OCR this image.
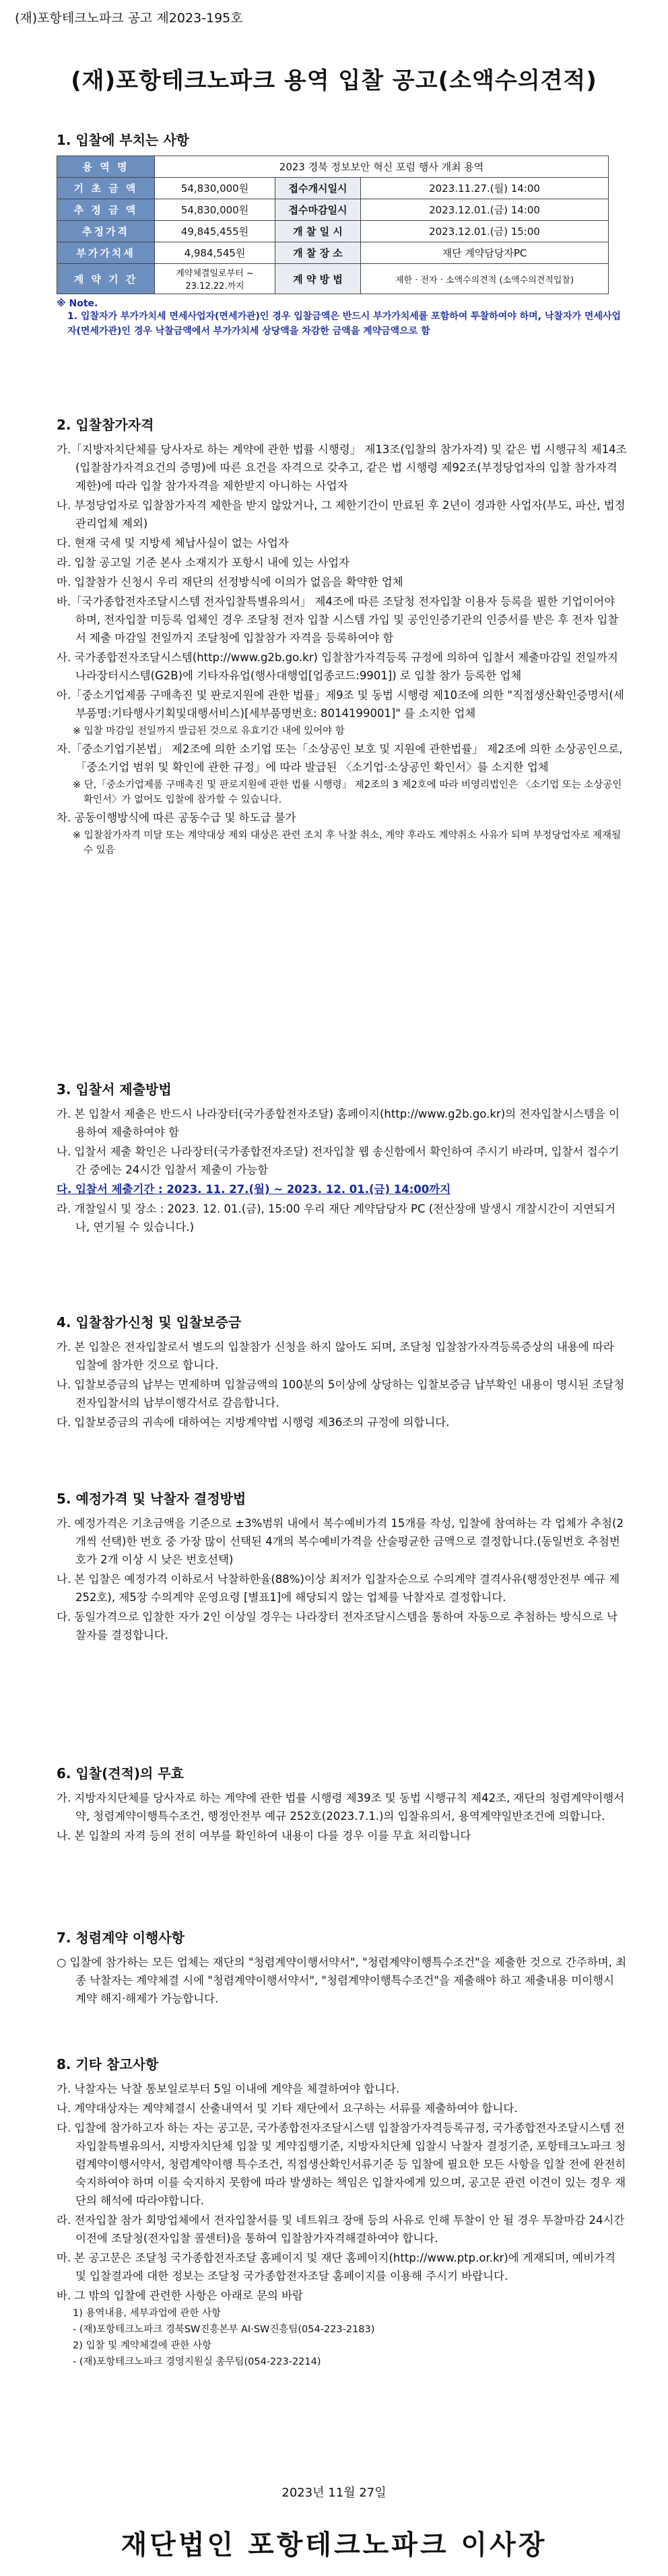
(재)포항테크노파크 공고 제2023-195호
(재)포항테크노파크 용역 입찰 공고(소액수의견적)
1. 입찰에 부치는 사항
용 역 명	2023 경북 정보보안 혁신 포럼 행사 개최 용역		
기 초 금 액	54,830,000원	접수개시일시	2023.11.27.(월) 14:00
추 정 금 액	54,830,000원	접수마감일시	2023.12.01.(금) 14:00
추정가격	49,845,455원	개 찰 일 시	2023.12.01.(금) 15:00
부가가치세	4,984,545원	개 찰 장 소	재단 계약담당자PC
계 약 기 간	계약체결일로부터 ~ 23.12.22.까지	계 약 방 법	제한 · 전자 · 소액수의견적 (소액수의견적입찰)
※ Note.
1. 입찰자가 부가가치세 면세사업자(면세가관)인 경우 입찰금액은 반드시 부가가치세를 포함하여 투찰하여야 하며, 낙찰자가 면세사업자(면세가관)인 경우 낙찰금액에서 부가가치세 상당액을 차감한 금액을 계약금액으로 함
2. 입찰참가자격
가.「지방자치단체를 당사자로 하는 계약에 관한 법률 시행령」 제13조(입찰의 참가자격) 및 같은 법 시행규칙 제14조(입찰참가자격요건의 증명)에 따른 요건을 자격으로 갖추고, 같은 법 시행령 제92조(부정당업자의 입찰 참가자격 제한)에 따라 입찰 참가자격을 제한받지 아니하는 사업자
나. 부정당업자로 입찰참가자격 제한을 받지 않았거나, 그 제한기간이 만료된 후 2년이 경과한 사업자(부도, 파산, 법정관리업체 제외)
다. 현재 국세 및 지방세 체납사실이 없는 사업자
라. 입찰 공고일 기준 본사 소재지가 포항시 내에 있는 사업자
마. 입찰참가 신청시 우리 재단의 선정방식에 이의가 없음을 확약한 업체
바.「국가종합전자조달시스템 전자입찰특별유의서」 제4조에 따른 조달청 전자입찰 이용자 등록을 필한 기업이어야 하며, 전자입찰 미등록 업체인 경우 조달청 전자 입찰 시스템 가입 및 공인인증기관의 인증서를 받은 후 전자 입찰서 제출 마감일 전일까지 조달청에 입찰참가 자격을 등록하여야 함
사. 국가종합전자조달시스템(http://www.g2b.go.kr) 입찰참가자격등록 규정에 의하여 입찰서 제출마감일 전일까지 나라장터시스템(G2B)에 기타자유업(행사대행업[업종코드:9901]) 로 입찰 참가 등록한 업체
아.「중소기업제품 구매촉진 및 판로지원에 관한 법률」제9조 및 동법 시행령 제10조에 의한 "직접생산확인증명서(세부품명:기타행사기획및대행서비스)[세부품명번호: 8014199001]" 를 소지한 업체
※ 입찰 마감일 전일까지 발급된 것으로 유효기간 내에 있어야 함
자.「중소기업기본법」 제2조에 의한 소기업 또는「소상공인 보호 및 지원에 관한법률」 제2조에 의한 소상공인으로,「중소기업 범위 및 확인에 관한 규정」에 따라 발급된 〈소기업·소상공인 확인서〉를 소지한 업체
※ 단,「중소기업제품 구매촉진 및 판로지원에 관한 법률 시행령」 제2조의 3 제2호에 따라 비영리법인은 〈소기업 또는 소상공인 확인서〉가 없어도 입찰에 참가할 수 있습니다.
차. 공동이행방식에 따른 공동수급 및 하도급 불가
※ 입찰참가자격 미달 또는 계약대상 제외 대상은 관련 조치 후 낙찰 취소, 계약 후라도 계약취소 사유가 되며 부정당업자로 제재될 수 있음
3. 입찰서 제출방법
가. 본 입찰서 제출은 반드시 나라장터(국가종합전자조달) 홈페이지(http://www.g2b.go.kr)의 전자입찰시스템을 이용하여 제출하여야 함
나. 입찰서 제출 확인은 나라장터(국가종합전자조달) 전자입찰 웹 송신함에서 확인하여 주시기 바라며, 입찰서 접수기간 중에는 24시간 입찰서 제출이 가능함
다. 입찰서 제출기간 : 2023. 11. 27.(월) ~ 2023. 12. 01.(금) 14:00까지
라. 개찰일시 및 장소 : 2023. 12. 01.(금), 15:00 우리 재단 계약담당자 PC (전산장애 발생시 개찰시간이 지연되거나, 연기될 수 있습니다.)
4. 입찰참가신청 및 입찰보증금
가. 본 입찰은 전자입찰로서 별도의 입찰참가 신청을 하지 않아도 되며, 조달청 입찰참가자격등록증상의 내용에 따라 입찰에 참가한 것으로 합니다.
나. 입찰보증금의 납부는 면제하며 입찰금액의 100분의 5이상에 상당하는 입찰보증금 납부확인 내용이 명시된 조달청 전자입찰서의 납부이행각서로 갈음합니다.
다. 입찰보증금의 귀속에 대하여는 지방계약법 시행령 제36조의 규정에 의합니다.
5. 예정가격 및 낙찰자 결정방법
가. 예정가격은 기초금액을 기준으로 ±3%범위 내에서 복수예비가격 15개를 작성, 입찰에 참여하는 각 업체가 추첨(2개씩 선택)한 번호 중 가장 많이 선택된 4개의 복수예비가격을 산술평균한 금액으로 결정합니다.(동일번호 추첨번호가 2개 이상 시 낮은 번호선택)
나. 본 입찰은 예정가격 이하로서 낙찰하한율(88%)이상 최저가 입찰자순으로 수의계약 결격사유(행정안전부 예규 제252호), 제5장 수의계약 운영요령 [별표1]에 해당되지 않는 업체를 낙찰자로 결정합니다.
다. 동일가격으로 입찰한 자가 2인 이상일 경우는 나라장터 전자조달시스템을 통하여 자동으로 추첨하는 방식으로 낙찰자를 결정합니다.
6. 입찰(견적)의 무효
가. 지방자치단체를 당사자로 하는 계약에 관한 법률 시행령 제39조 및 동법 시행규칙 제42조, 재단의 청렴계약이행서약, 청렴계약이행특수조건, 행정안전부 예규 252호(2023.7.1.)의 입찰유의서, 용역계약일반조건에 의합니다.
나. 본 입찰의 자격 등의 전히 여부를 확인하여 내용이 다를 경우 이를 무효 처리합니다
7. 청렴계약 이행사항
○ 입찰에 참가하는 모든 업체는 재단의 "청렴계약이행서약서", "청렴계약이행특수조건"을 제출한 것으로 간주하며, 최종 낙찰자는 계약체결 시에 "청렴계약이행서약서", "청렴계약이행특수조건"을 제출해야 하고 제출내용 미이행시 계약 해지·해제가 가능합니다.
8. 기타 참고사항
가. 낙찰자는 낙찰 통보일로부터 5일 이내에 계약을 체결하여야 합니다.
나. 계약대상자는 계약체결시 산출내역서 및 기타 재단에서 요구하는 서류를 제출하여야 합니다.
다. 입찰에 참가하고자 하는 자는 공고문, 국가종합전자조달시스템 입찰참가자격등록규정, 국가종합전자조달시스템 전자입찰특별유의서, 지방자치단체 입찰 및 계약집행기준, 지방자치단체 입찰시 낙찰자 결정기준, 포항테크노파크 청렴계약이행서약서, 청렴계약이행 특수조건, 직접생산확인서류기준 등 입찰에 필요한 모든 사항을 입찰 전에 완전히 숙지하여야 하며 이를 숙지하지 못함에 따라 발생하는 책임은 입찰자에게 있으며, 공고문 관련 이견이 있는 경우 재단의 해석에 따라야합니다.
라. 전자입찰 참가 회망업체에서 전자입찰서를 및 네트워크 장애 등의 사유로 인해 투찰이 안 될 경우 투찰마감 24시간 이전에 조달청(전자입찰 콜센터)을 통하여 입찰참가자격해결하여야 합니다.
마. 본 공고문은 조달청 국가종합전자조달 홈페이지 및 재단 홈페이지(http://www.ptp.or.kr)에 게재되며, 예비가격 및 입찰결과에 대한 정보는 조달청 국가종합전자조달 홈페이지를 이용해 주시기 바랍니다.
바. 그 밖의 입찰에 관련한 사항은 아래로 문의 바람
1) 용역내용, 세부과업에 관한 사항
- (재)포항테크노파크 경북SW진흥본부 AI·SW진흥팀(054-223-2183)
2) 입찰 및 계약체결에 관한 사항
- (재)포항테크노파크 경영지원실 총무팀(054-223-2214)
2023년 11월 27일
재단법인 포항테크노파크 이사장
